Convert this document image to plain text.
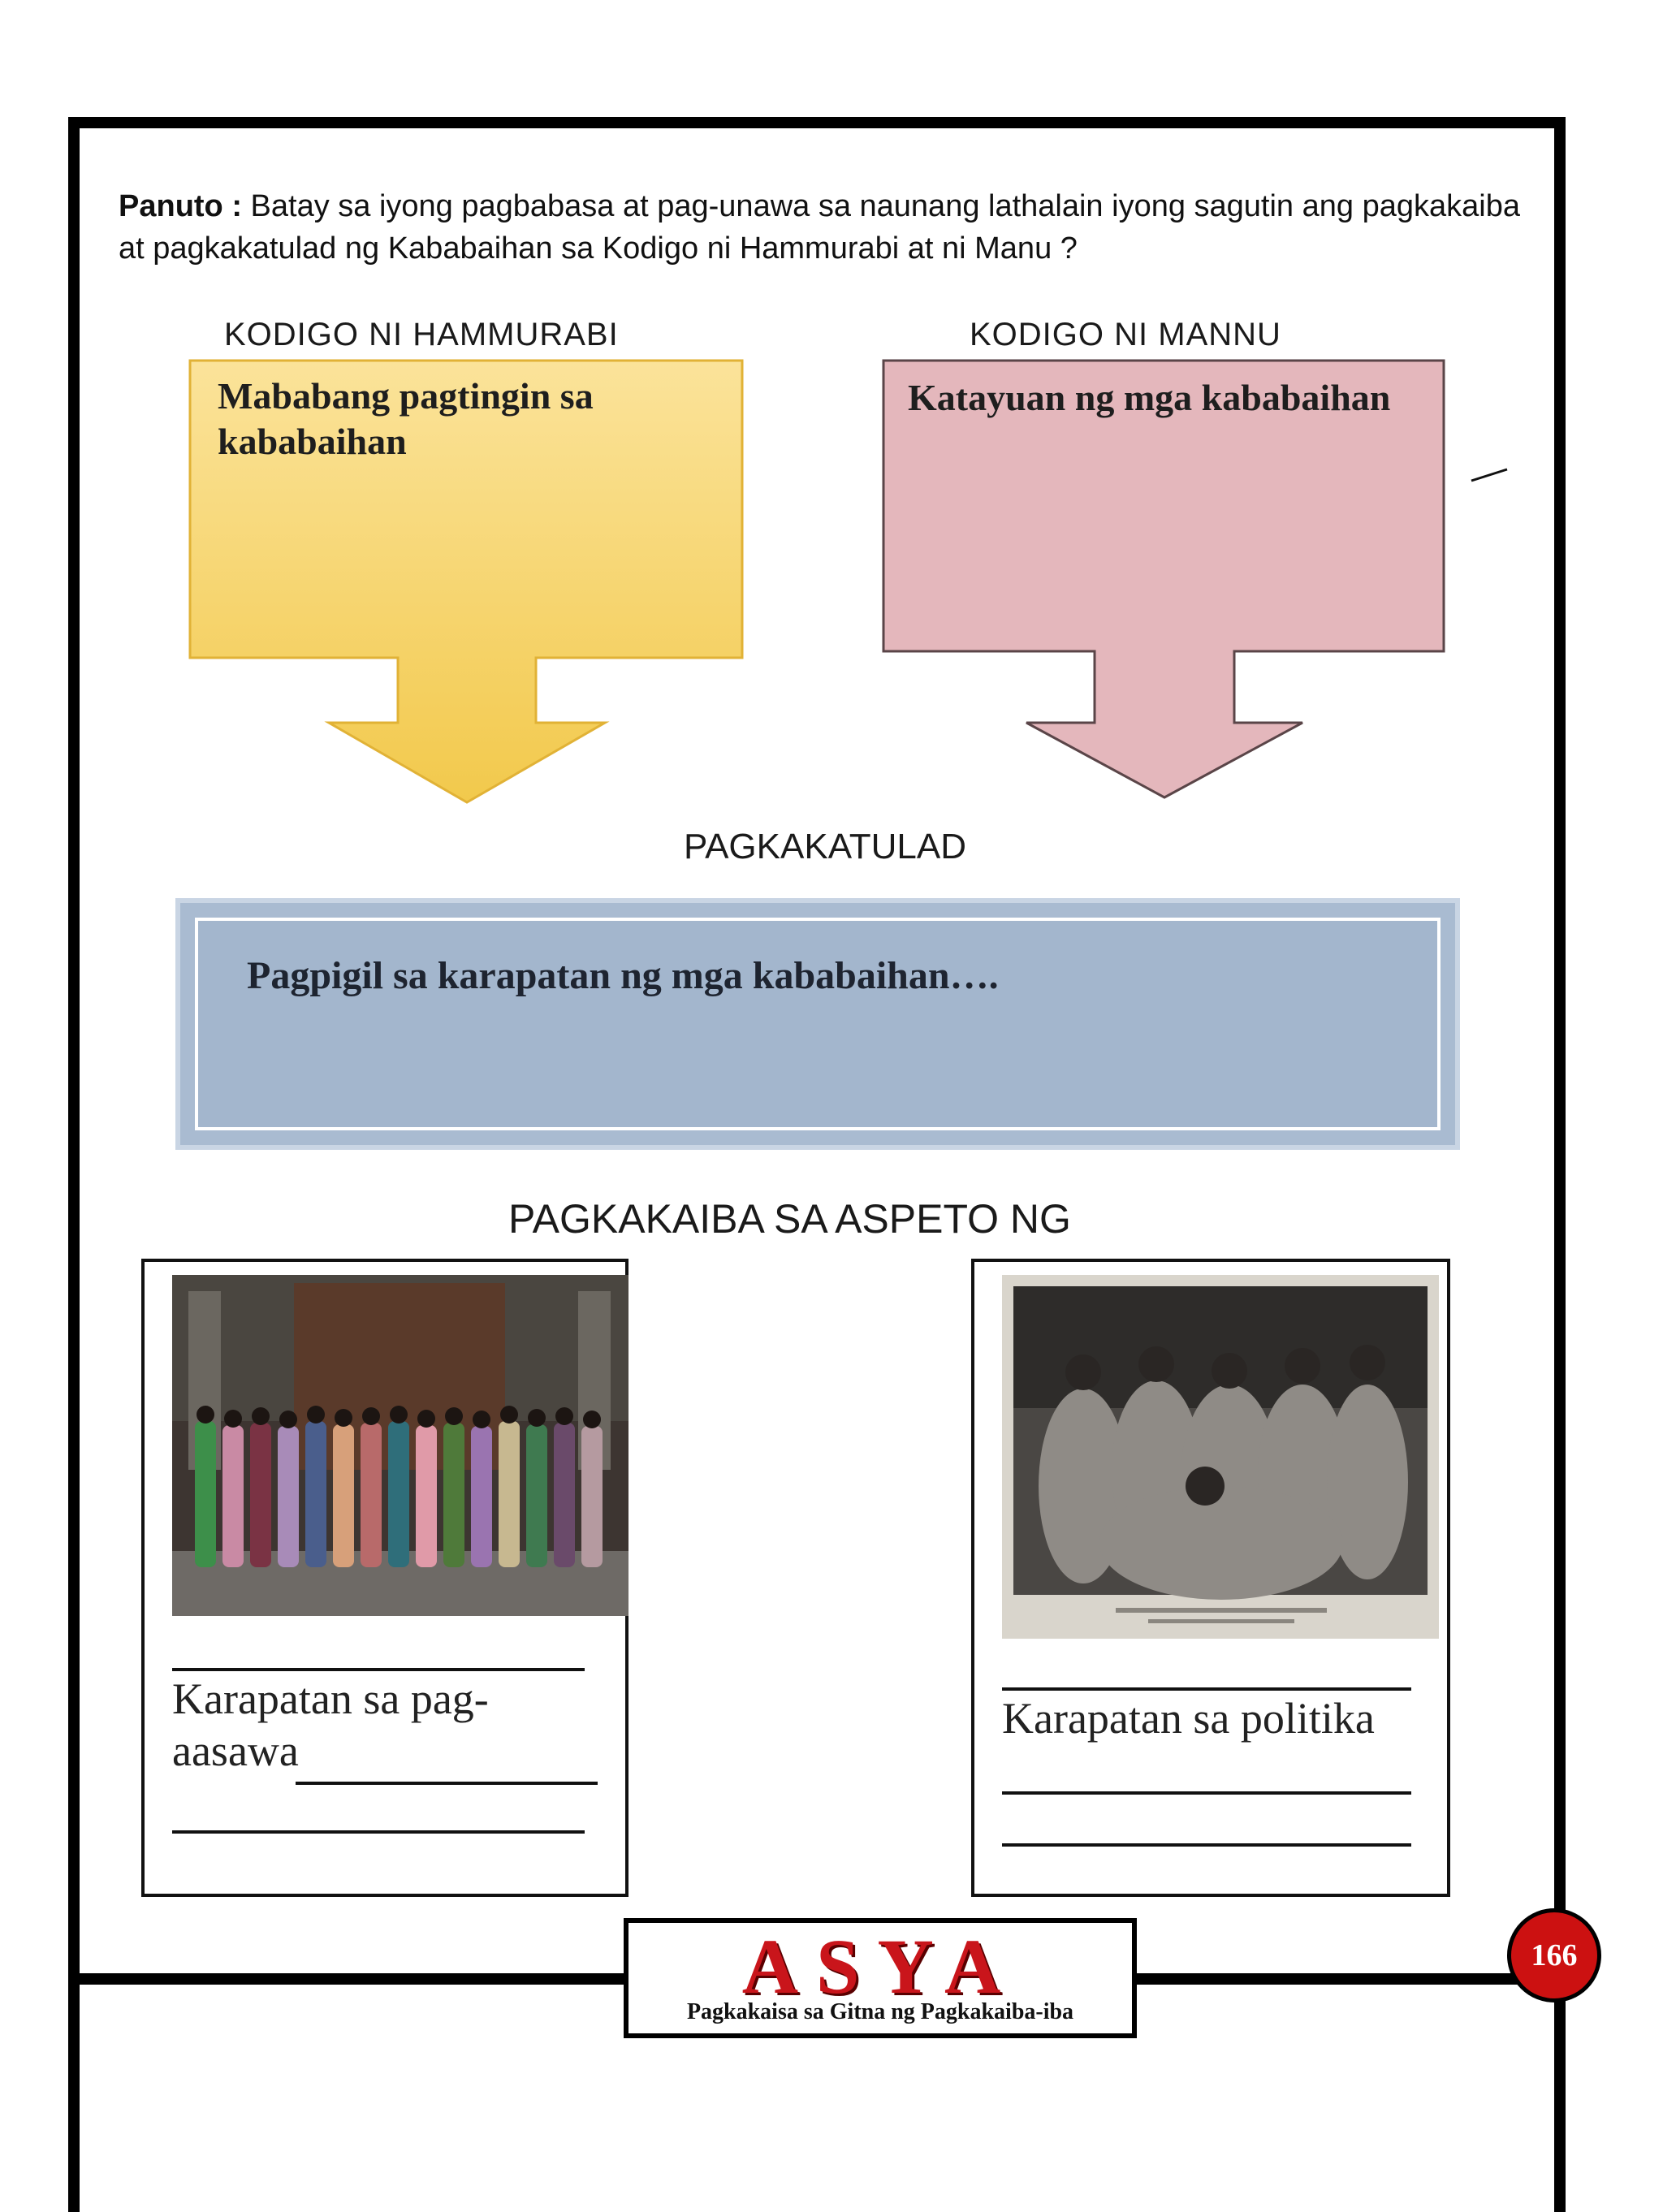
Panuto : Batay sa iyong pagbabasa at pag-unawa sa naunang lathalain iyong sagutin ang pagkakaiba at pagkakatulad ng Kababaihan sa Kodigo ni Hammurabi at ni Manu ?
KODIGO NI HAMMURABI
Mababang pagtingin sa kababaihan
KODIGO NI MANNU
Katayuan ng mga kababaihan
PAGKAKATULAD
Pagpigil sa karapatan ng mga kababaihan….
PAGKAKAIBA SA ASPETO NG
Karapatan sa pag-
aasawa
Karapatan sa politika
ASYA
Pagkakaisa sa Gitna ng Pagkakaiba-iba
166
